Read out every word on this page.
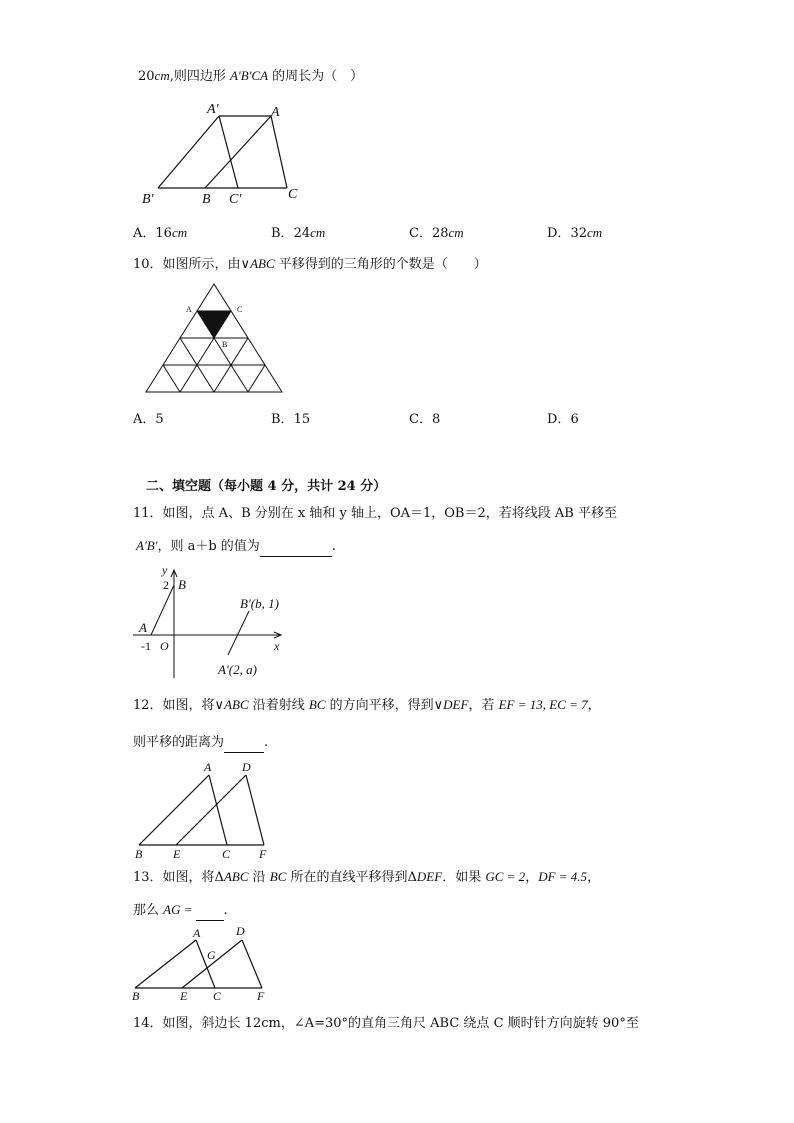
20cm,则四边形 A'B'CA 的周长为（　）
A'	A
B'	B C'	C
A．16cm	B．24cm	C．28cm	D．32cm
10．如图所示，由∨ABC 平移得到的三角形的个数是（　　）
A	C
B
A．5	B．15	C．8	D．6
二、填空题（每小题 4 分，共计 24 分）
11．如图，点 A、B 分别在 x 轴和 y 轴上，OA＝1，OB＝2，若将线段 AB 平移至
A'B'，则 a＋b 的值为	.
y
x
2 B
A
-1 O
B′(b, 1)
A′(2, a)
12．如图，将∨ABC 沿着射线 BC 的方向平移，得到∨DEF，若 EF = 13, EC = 7，
则平移的距离为	.
A	D
B	E	C F
13．如图，将ΔABC 沿 BC 所在的直线平移得到ΔDEF．如果 GC = 2，DF = 4.5，
那么 AG = .
A	D
G
B	E C	F
14．如图，斜边长 12cm，∠A=30°的直角三角尺 ABC 绕点 C 顺时针方向旋转 90°至
